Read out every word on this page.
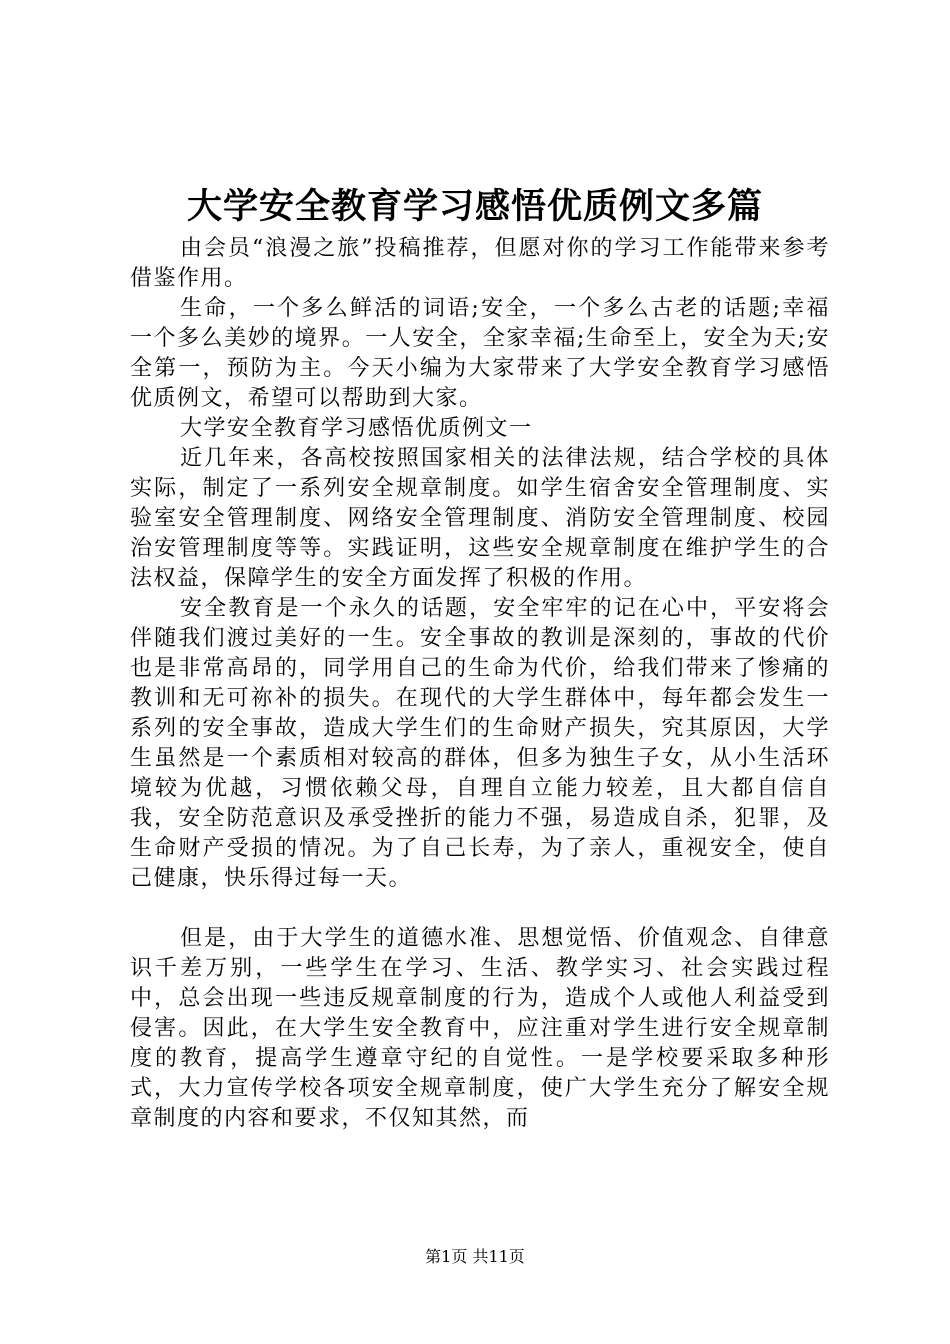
大学安全教育学习感悟优质例文多篇

由会员“浪漫之旅”投稿推荐，但愿对你的学习工作能带来参考借鉴作用。

生命，一个多么鲜活的词语;安全，一个多么古老的话题;幸福一个多么美妙的境界。一人安全，全家幸福;生命至上，安全为天;安全第一，预防为主。今天小编为大家带来了大学安全教育学习感悟优质例文，希望可以帮助到大家。

大学安全教育学习感悟优质例文一

近几年来，各高校按照国家相关的法律法规，结合学校的具体实际，制定了一系列安全规章制度。如学生宿舍安全管理制度、实验室安全管理制度、网络安全管理制度、消防安全管理制度、校园治安管理制度等等。实践证明，这些安全规章制度在维护学生的合法权益，保障学生的安全方面发挥了积极的作用。

安全教育是一个永久的话题，安全牢牢的记在心中，平安将会伴随我们渡过美好的一生。安全事故的教训是深刻的，事故的代价也是非常高昂的，同学用自己的生命为代价，给我们带来了惨痛的教训和无可祢补的损失。在现代的大学生群体中，每年都会发生一系列的安全事故，造成大学生们的生命财产损失，究其原因，大学生虽然是一个素质相对较高的群体，但多为独生子女，从小生活环境较为优越，习惯依赖父母，自理自立能力较差，且大都自信自我，安全防范意识及承受挫折的能力不强，易造成自杀，犯罪，及生命财产受损的情况。为了自己长寿，为了亲人，重视安全，使自己健康，快乐得过每一天。

但是，由于大学生的道德水准、思想觉悟、价值观念、自律意识千差万别，一些学生在学习、生活、教学实习、社会实践过程中，总会出现一些违反规章制度的行为，造成个人或他人利益受到侵害。因此，在大学生安全教育中，应注重对学生进行安全规章制度的教育，提高学生遵章守纪的自觉性。一是学校要采取多种形式，大力宣传学校各项安全规章制度，使广大学生充分了解安全规章制度的内容和要求，不仅知其然，而

第1页 共11页
